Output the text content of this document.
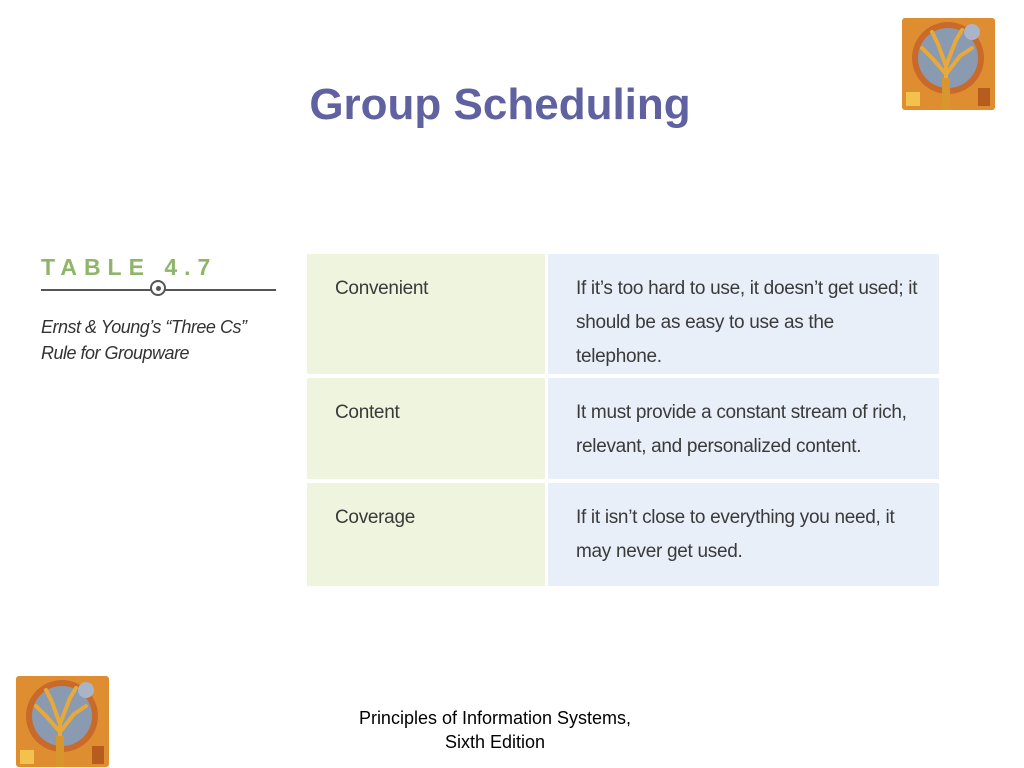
Group Scheduling
TABLE 4.7
Ernst & Young’s “Three Cs” Rule for Groupware
Convenient	If it’s too hard to use, it doesn’t get used; it should be as easy to use as the telephone.
Content	It must provide a constant stream of rich, relevant, and personalized content.
Coverage	If it isn’t close to everything you need, it may never get used.
Principles of Information Systems,
Sixth Edition
